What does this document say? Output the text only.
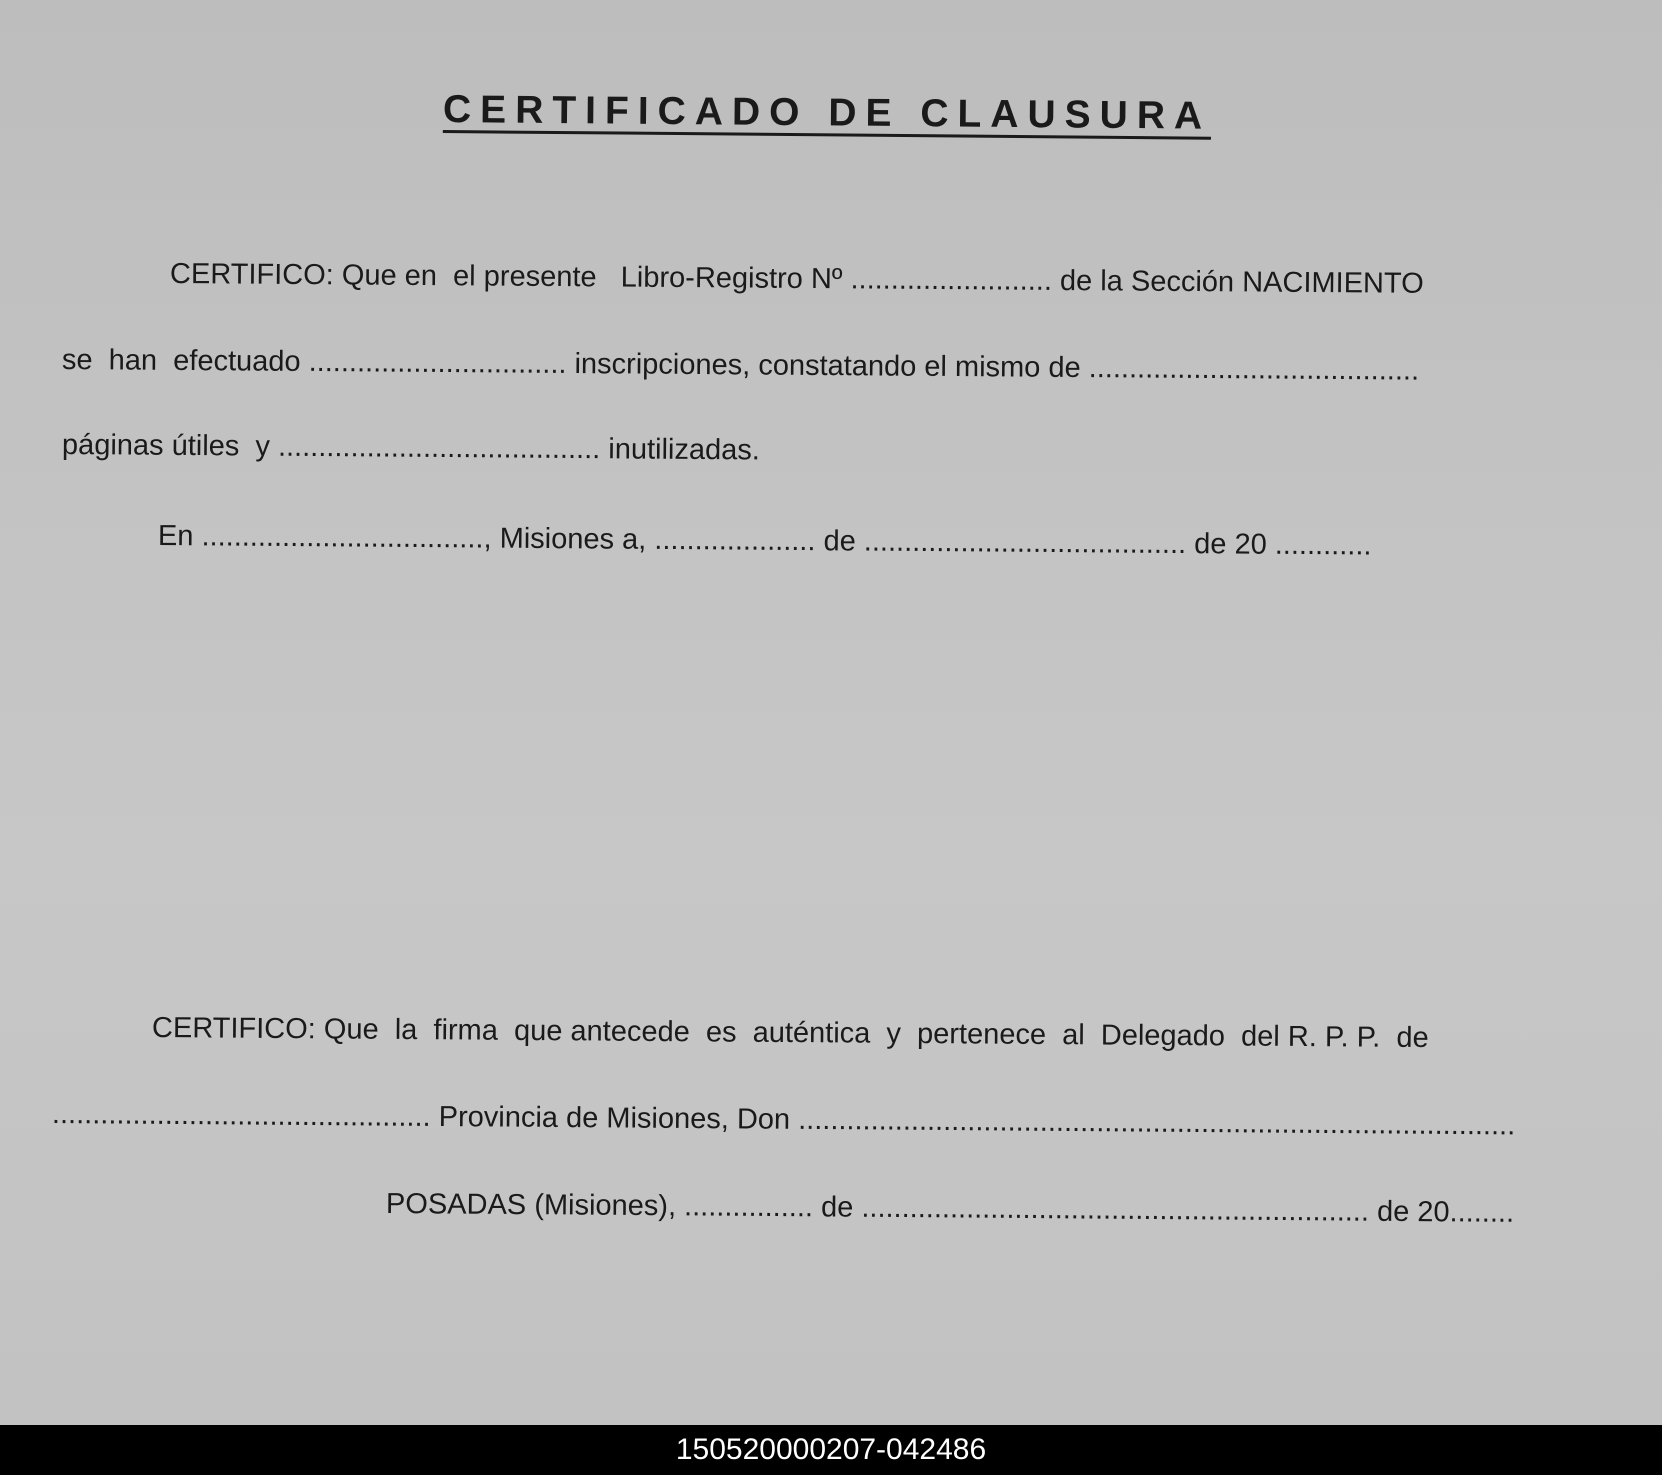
CERTIFICADO DE CLAUSURA
CERTIFICO: Que en  el presente   Libro-Registro Nº ......................... de la Sección NACIMIENTO
se  han  efectuado ................................ inscripciones, constatando el mismo de .........................................
páginas útiles  y ........................................ inutilizadas.
En ..................................., Misiones a, .................... de ........................................ de 20 ............
CERTIFICO: Que  la  firma  que antecede  es  auténtica  y  pertenece  al  Delegado  del R. P. P.  de
............................................... Provincia de Misiones, Don .........................................................................................
POSADAS (Misiones), ................ de ............................................................... de 20........
150520000207-042486
